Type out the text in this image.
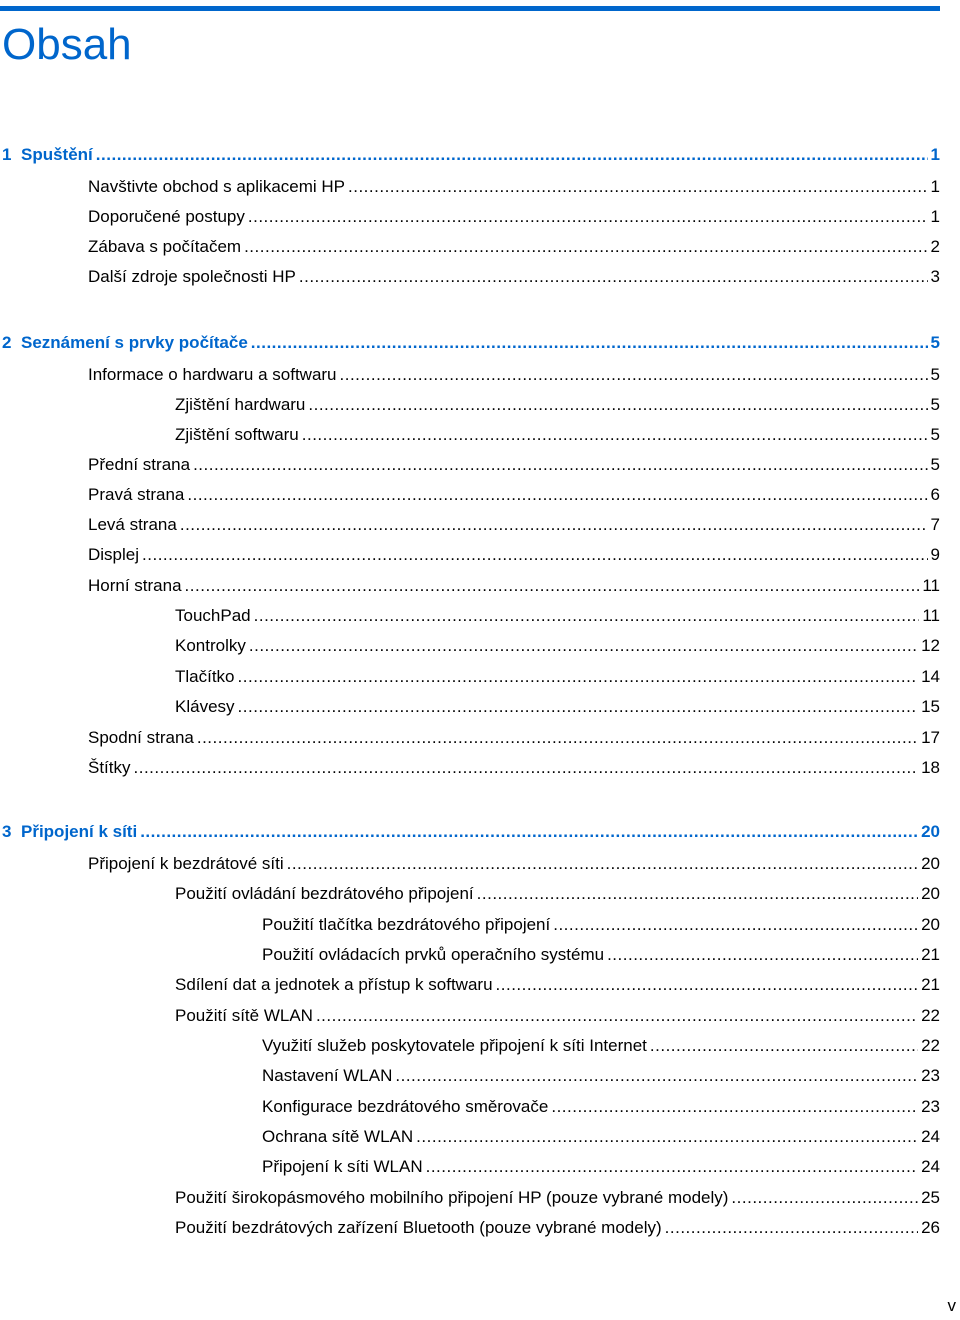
Obsah
1 Spuštění .....	1
Navštivte obchod s aplikacemi HP .....	1
Doporučené postupy .....	1
Zábava s počítačem .....	2
Další zdroje společnosti HP .....	3
2 Seznámení s prvky počítače .....	5
Informace o hardwaru a softwaru .....	5
Zjištění hardwaru .....	5
Zjištění softwaru .....	5
Přední strana .....	5
Pravá strana .....	6
Levá strana .....	7
Displej .....	9
Horní strana .....	11
TouchPad .....	11
Kontrolky .....	12
Tlačítko .....	14
Klávesy .....	15
Spodní strana .....	17
Štítky .....	18
3 Připojení k síti .....	20
Připojení k bezdrátové síti .....	20
Použití ovládání bezdrátového připojení .....	20
Použití tlačítka bezdrátového připojení .....	20
Použití ovládacích prvků operačního systému .....	21
Sdílení dat a jednotek a přístup k softwaru .....	21
Použití sítě WLAN .....	22
Využití služeb poskytovatele připojení k síti Internet .....	22
Nastavení WLAN .....	23
Konfigurace bezdrátového směrovače .....	23
Ochrana sítě WLAN .....	24
Připojení k síti WLAN .....	24
Použití širokopásmového mobilního připojení HP (pouze vybrané modely) .....	25
Použití bezdrátových zařízení Bluetooth (pouze vybrané modely) .....	26
v
